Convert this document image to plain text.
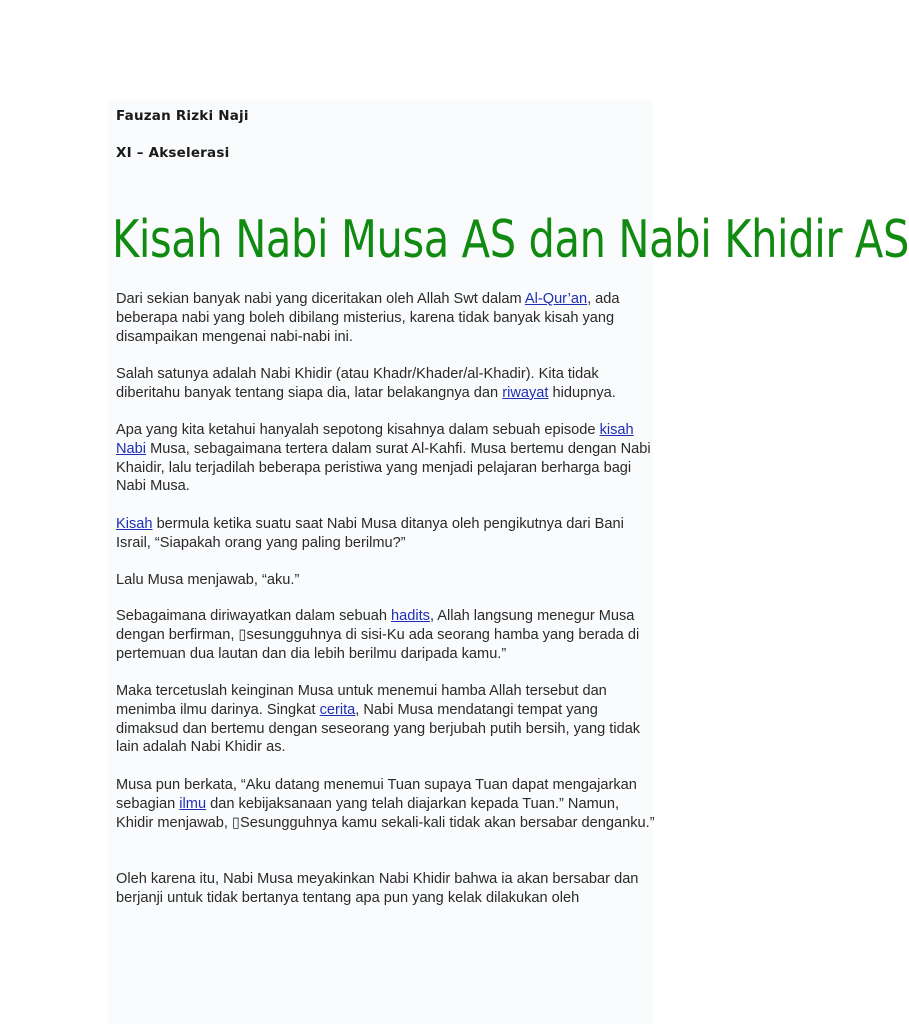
Fauzan Rizki Naji
XI – Akselerasi
Kisah Nabi Musa AS dan Nabi Khidir AS

Dari sekian banyak nabi yang diceritakan oleh Allah Swt dalam Al-Qur’an, ada beberapa nabi yang boleh dibilang misterius, karena tidak banyak kisah yang disampaikan mengenai nabi-nabi ini.

Salah satunya adalah Nabi Khidir (atau Khadr/Khader/al-Khadir). Kita tidak diberitahu banyak tentang siapa dia, latar belakangnya dan riwayat hidupnya.

Apa yang kita ketahui hanyalah sepotong kisahnya dalam sebuah episode kisah Nabi Musa, sebagaimana tertera dalam surat Al-Kahfi. Musa bertemu dengan Nabi Khaidir, lalu terjadilah beberapa peristiwa yang menjadi pelajaran berharga bagi Nabi Musa.

Kisah bermula ketika suatu saat Nabi Musa ditanya oleh pengikutnya dari Bani Israil, “Siapakah orang yang paling berilmu?”

Lalu Musa menjawab, “aku.”

Sebagaimana diriwayatkan dalam sebuah hadits, Allah langsung menegur Musa dengan berfirman, ▯sesungguhnya di sisi-Ku ada seorang hamba yang berada di pertemuan dua lautan dan dia lebih berilmu daripada kamu.”

Maka tercetuslah keinginan Musa untuk menemui hamba Allah tersebut dan menimba ilmu darinya. Singkat cerita, Nabi Musa mendatangi tempat yang dimaksud dan bertemu dengan seseorang yang berjubah putih bersih, yang tidak lain adalah Nabi Khidir as.

Musa pun berkata, “Aku datang menemui Tuan supaya Tuan dapat mengajarkan sebagian ilmu dan kebijaksanaan yang telah diajarkan kepada Tuan.” Namun, Khidir menjawab, ▯Sesungguhnya kamu sekali-kali tidak akan bersabar denganku.”

Oleh karena itu, Nabi Musa meyakinkan Nabi Khidir bahwa ia akan bersabar dan berjanji untuk tidak bertanya tentang apa pun yang kelak dilakukan oleh
